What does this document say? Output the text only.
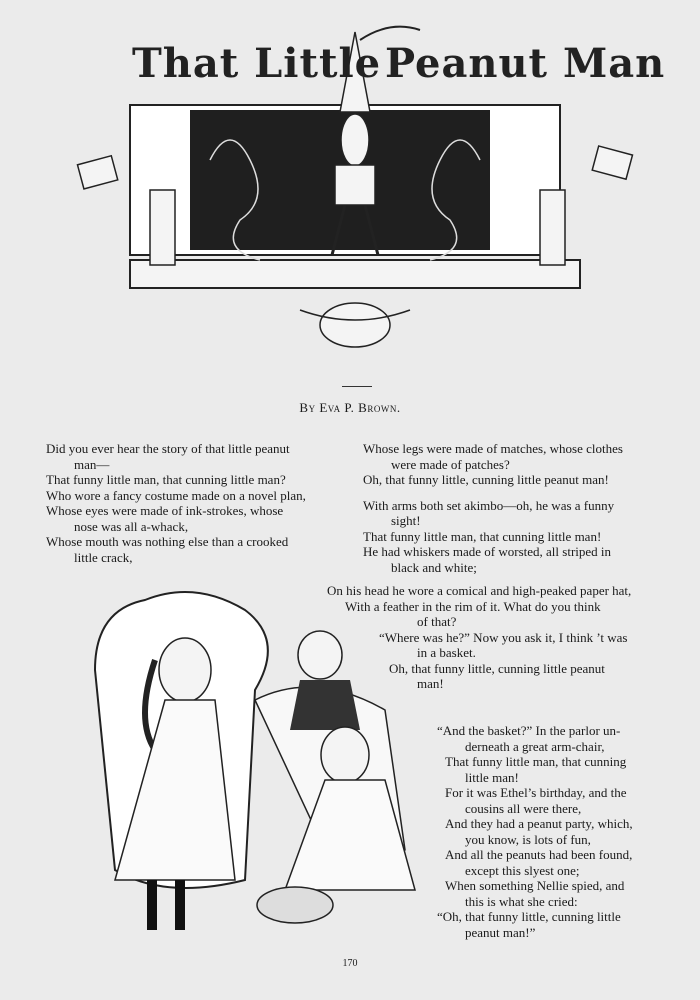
That Little Peanut Man
By Eva P. Brown.
Did you ever hear the story of that little peanut
man—
That funny little man, that cunning little man?
Who wore a fancy costume made on a novel plan,
Whose eyes were made of ink-strokes, whose
nose was all a-whack,
Whose mouth was nothing else than a crooked
little crack,
Whose legs were made of matches, whose clothes
were made of patches?
Oh, that funny little, cunning little peanut man!
With arms both set akimbo—oh, he was a funny
sight!
That funny little man, that cunning little man!
He had whiskers made of worsted, all striped in
black and white;
On his head he wore a comical and high-peaked paper hat,
With a feather in the rim of it. What do you think
of that?
“Where was he?” Now you ask it, I think ’t was
in a basket.
Oh, that funny little, cunning little peanut
man!
“And the basket?” In the parlor un-
derneath a great arm-chair,
That funny little man, that cunning
little man!
For it was Ethel’s birthday, and the
cousins all were there,
And they had a peanut party, which,
you know, is lots of fun,
And all the peanuts had been found,
except this slyest one;
When something Nellie spied, and
this is what she cried:
“Oh, that funny little, cunning little
peanut man!”
170
